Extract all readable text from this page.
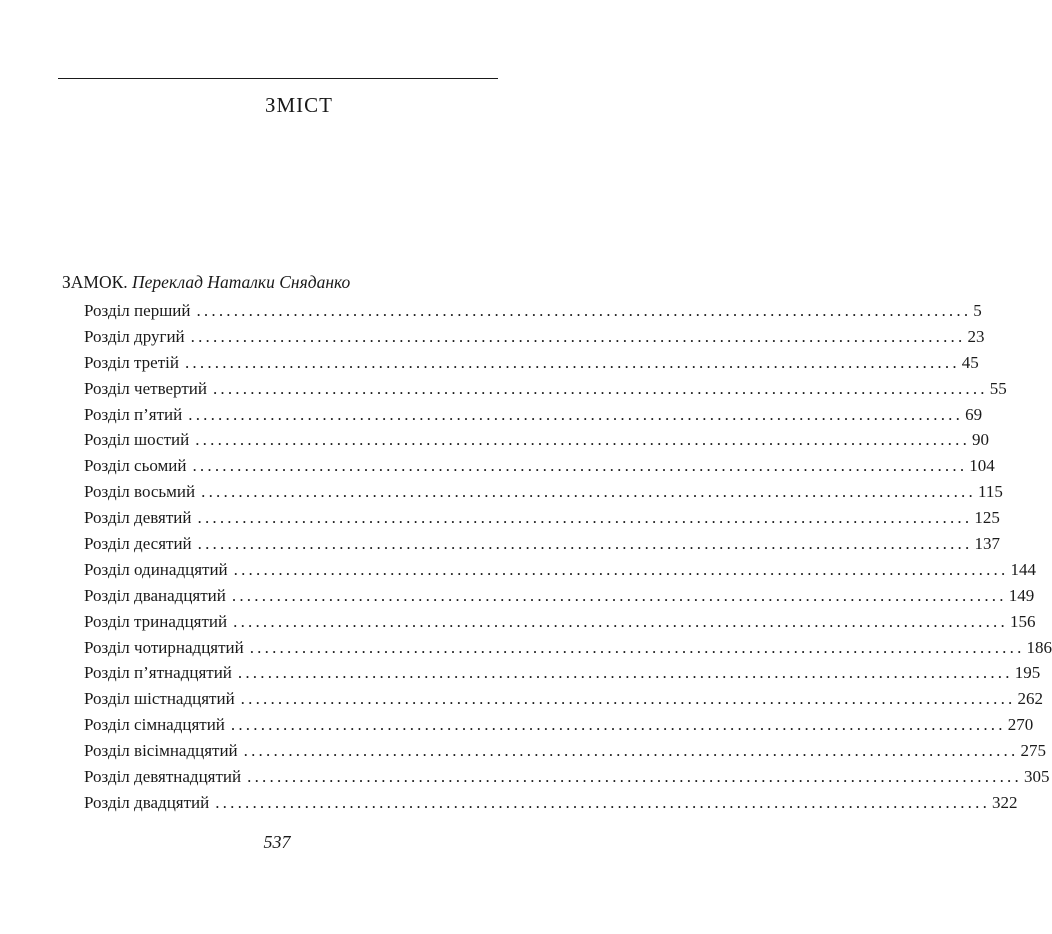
ЗМІСТ
ЗАМОК. Переклад Наталки Сняданко
Розділ перший ........................................................................................................ 5
Розділ другий ........................................................................................................ 23
Розділ третій ........................................................................................................ 45
Розділ четвертий ........................................................................................................ 55
Розділ п’ятий ........................................................................................................ 69
Розділ шостий ........................................................................................................ 90
Розділ сьомий ........................................................................................................ 104
Розділ восьмий ........................................................................................................ 115
Розділ девятий ........................................................................................................ 125
Розділ десятий ........................................................................................................ 137
Розділ одинадцятий ........................................................................................................ 144
Розділ дванадцятий ........................................................................................................ 149
Розділ тринадцятий ........................................................................................................ 156
Розділ чотирнадцятий ........................................................................................................ 186
Розділ п’ятнадцятий ........................................................................................................ 195
Розділ шістнадцятий ........................................................................................................ 262
Розділ сімнадцятий ........................................................................................................ 270
Розділ вісімнадцятий ........................................................................................................ 275
Розділ девятнадцятий ........................................................................................................ 305
Розділ двадцятий ........................................................................................................ 322
537
